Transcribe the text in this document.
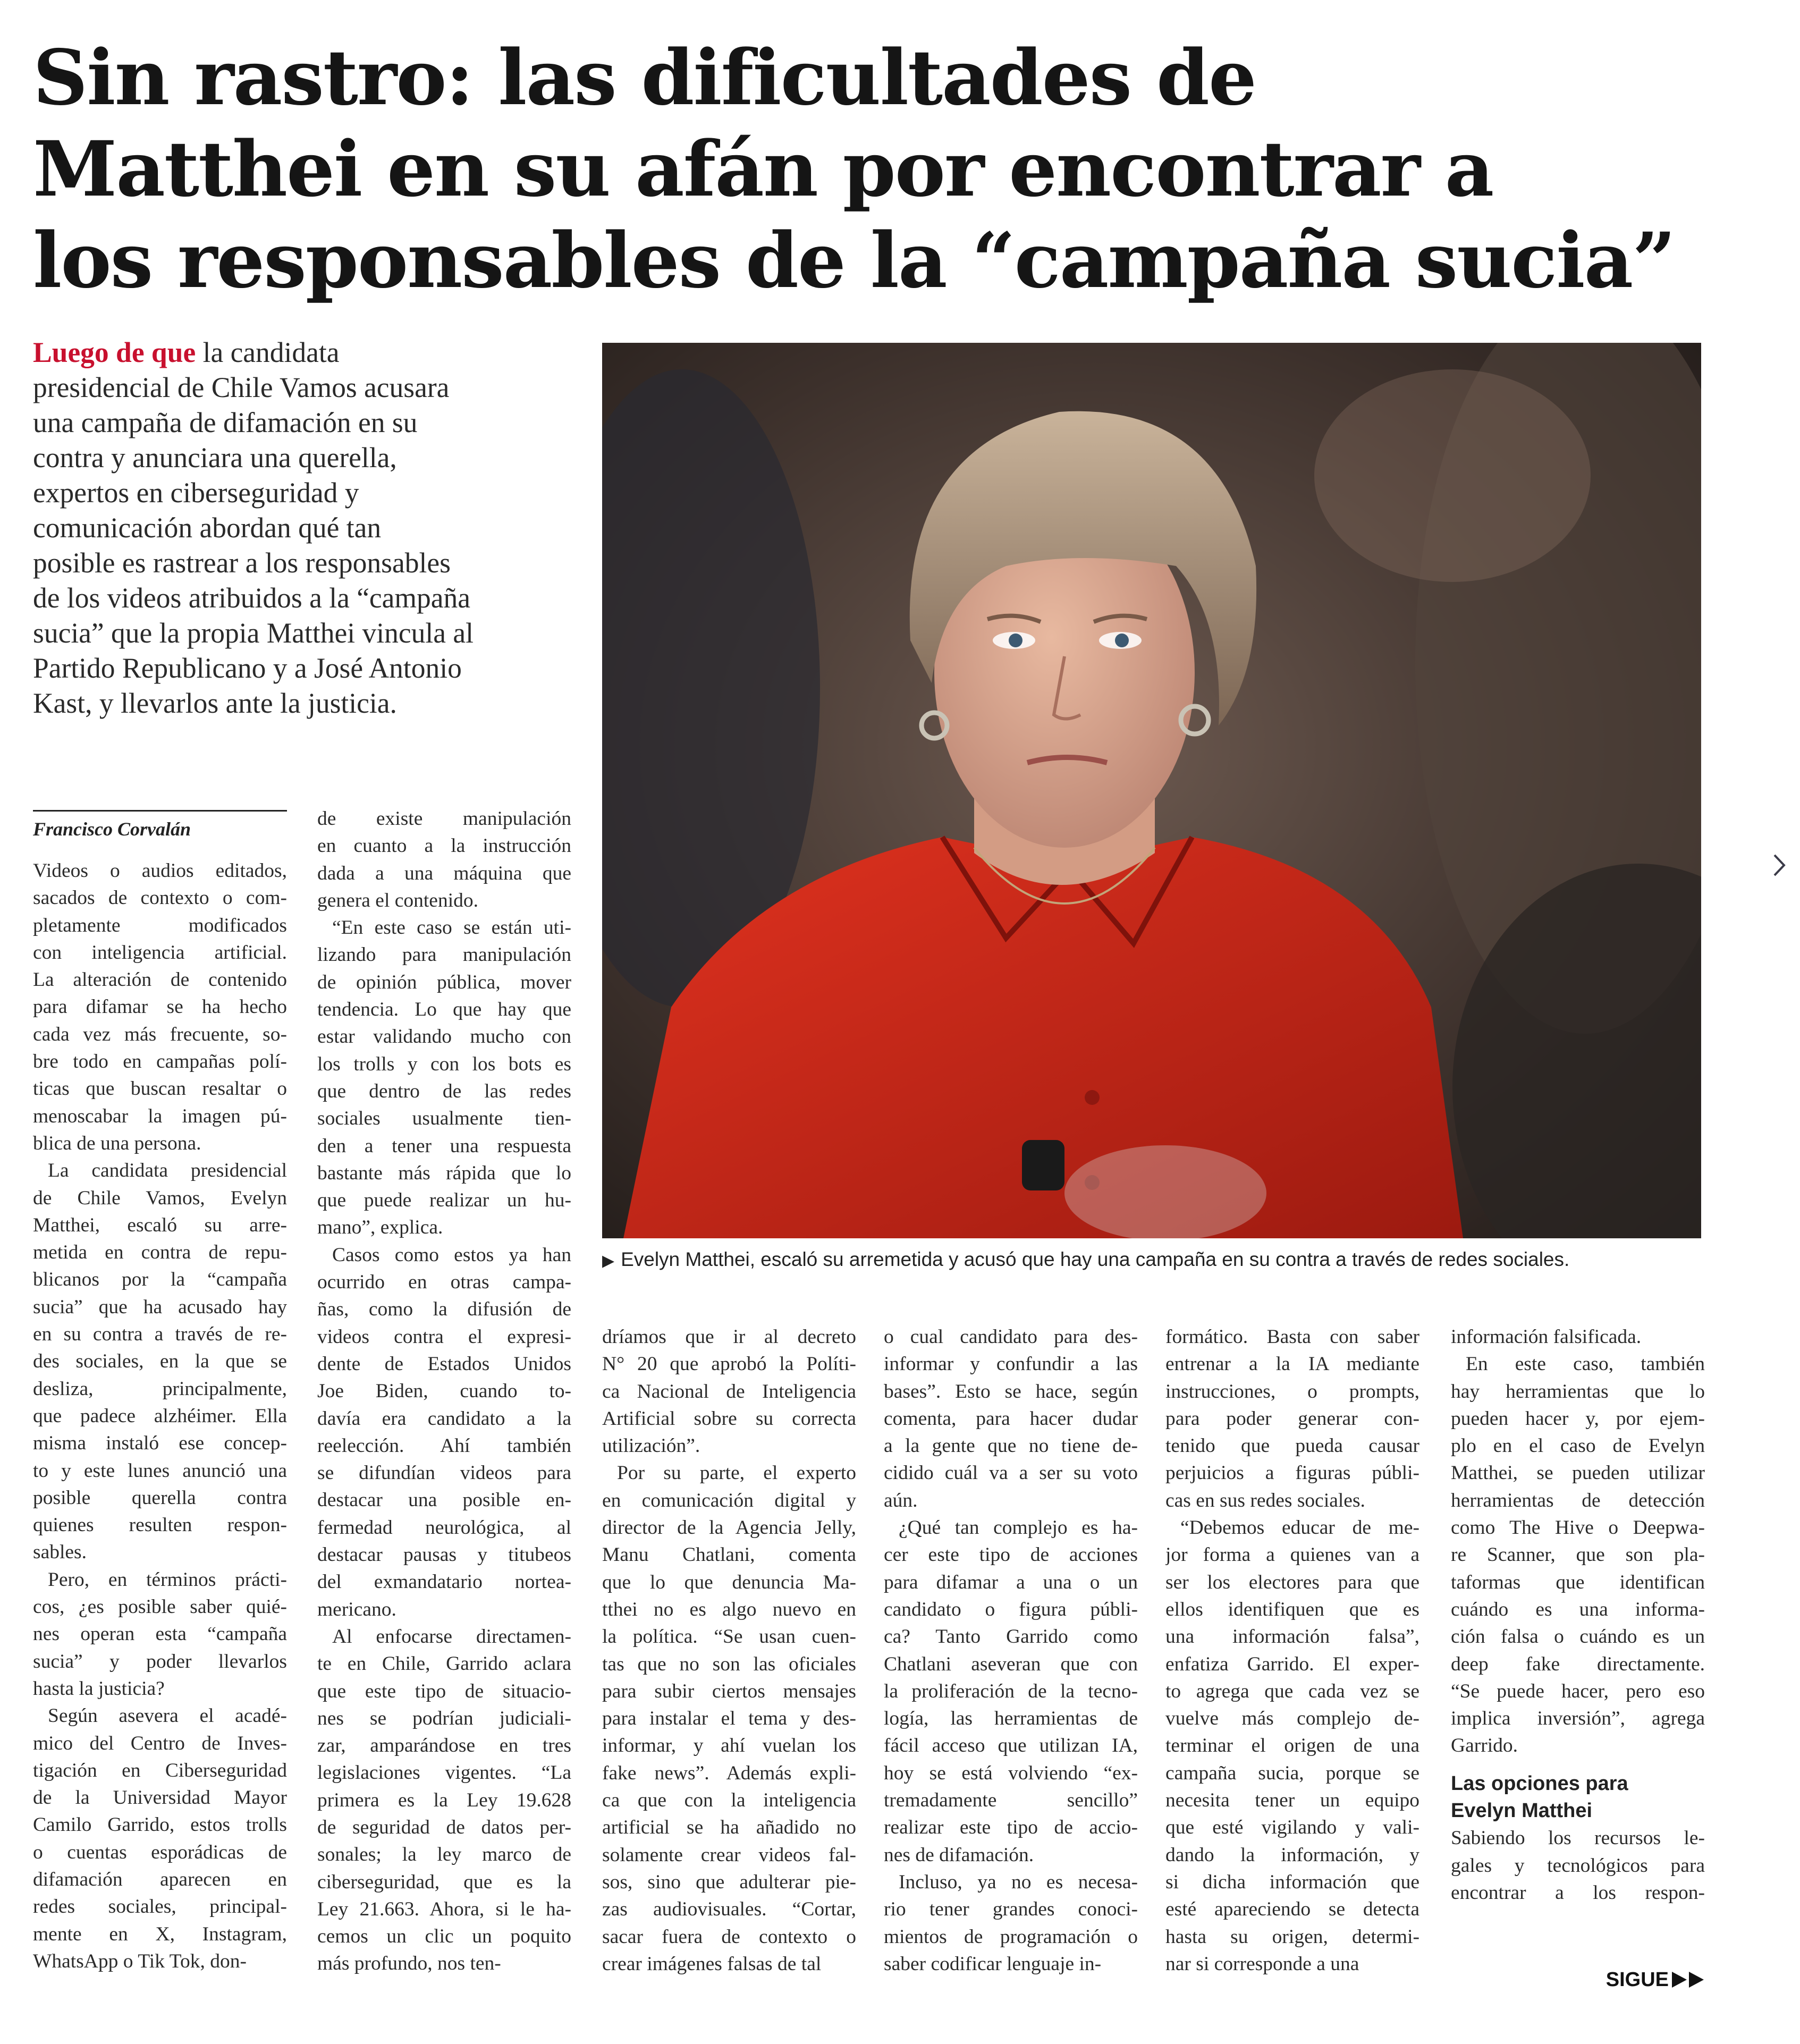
Sin rastro: las dificultades de
Matthei en su afán por encontrar a
los responsables de la “campaña sucia”
Luego de que la candidata
presidencial de Chile Vamos acusara
una campaña de difamación en su
contra y anunciara una querella,
expertos en ciberseguridad y
comunicación abordan qué tan
posible es rastrear a los responsables
de los videos atribuidos a la “campaña
sucia” que la propia Matthei vincula al
Partido Republicano y a José Antonio
Kast, y llevarlos ante la justicia.
▶ Evelyn Matthei, escaló su arremetida y acusó que hay una campaña en su contra a través de redes sociales.
Francisco Corvalán
Videos o audios editados,
sacados de contexto o com-
pletamente modificados
con inteligencia artificial.
La alteración de contenido
para difamar se ha hecho
cada vez más frecuente, so-
bre todo en campañas polí-
ticas que buscan resaltar o
menoscabar la imagen pú-
blica de una persona.
La candidata presidencial
de Chile Vamos, Evelyn
Matthei, escaló su arre-
metida en contra de repu-
blicanos por la “campaña
sucia” que ha acusado hay
en su contra a través de re-
des sociales, en la que se
desliza, principalmente,
que padece alzhéimer. Ella
misma instaló ese concep-
to y este lunes anunció una
posible querella contra
quienes resulten respon-
sables.
Pero, en términos prácti-
cos, ¿es posible saber quié-
nes operan esta “campaña
sucia” y poder llevarlos
hasta la justicia?
Según asevera el acadé-
mico del Centro de Inves-
tigación en Ciberseguridad
de la Universidad Mayor
Camilo Garrido, estos trolls
o cuentas esporádicas de
difamación aparecen en
redes sociales, principal-
mente en X, Instagram,
WhatsApp o Tik Tok, don-
de existe manipulación
en cuanto a la instrucción
dada a una máquina que
genera el contenido.
“En este caso se están uti-
lizando para manipulación
de opinión pública, mover
tendencia. Lo que hay que
estar validando mucho con
los trolls y con los bots es
que dentro de las redes
sociales usualmente tien-
den a tener una respuesta
bastante más rápida que lo
que puede realizar un hu-
mano”, explica.
Casos como estos ya han
ocurrido en otras campa-
ñas, como la difusión de
videos contra el expresi-
dente de Estados Unidos
Joe Biden, cuando to-
davía era candidato a la
reelección. Ahí también
se difundían videos para
destacar una posible en-
fermedad neurológica, al
destacar pausas y titubeos
del exmandatario nortea-
mericano.
Al enfocarse directamen-
te en Chile, Garrido aclara
que este tipo de situacio-
nes se podrían judiciali-
zar, amparándose en tres
legislaciones vigentes. “La
primera es la Ley 19.628
de seguridad de datos per-
sonales; la ley marco de
ciberseguridad, que es la
Ley 21.663. Ahora, si le ha-
cemos un clic un poquito
más profundo, nos ten-
dríamos que ir al decreto
N° 20 que aprobó la Políti-
ca Nacional de Inteligencia
Artificial sobre su correcta
utilización”.
Por su parte, el experto
en comunicación digital y
director de la Agencia Jelly,
Manu Chatlani, comenta
que lo que denuncia Ma-
tthei no es algo nuevo en
la política. “Se usan cuen-
tas que no son las oficiales
para subir ciertos mensajes
para instalar el tema y des-
informar, y ahí vuelan los
fake news”. Además expli-
ca que con la inteligencia
artificial se ha añadido no
solamente crear videos fal-
sos, sino que adulterar pie-
zas audiovisuales. “Cortar,
sacar fuera de contexto o
crear imágenes falsas de tal
o cual candidato para des-
informar y confundir a las
bases”. Esto se hace, según
comenta, para hacer dudar
a la gente que no tiene de-
cidido cuál va a ser su voto
aún.
¿Qué tan complejo es ha-
cer este tipo de acciones
para difamar a una o un
candidato o figura públi-
ca? Tanto Garrido como
Chatlani aseveran que con
la proliferación de la tecno-
logía, las herramientas de
fácil acceso que utilizan IA,
hoy se está volviendo “ex-
tremadamente sencillo”
realizar este tipo de accio-
nes de difamación.
Incluso, ya no es necesa-
rio tener grandes conoci-
mientos de programación o
saber codificar lenguaje in-
formático. Basta con saber
entrenar a la IA mediante
instrucciones, o prompts,
para poder generar con-
tenido que pueda causar
perjuicios a figuras públi-
cas en sus redes sociales.
“Debemos educar de me-
jor forma a quienes van a
ser los electores para que
ellos identifiquen que es
una información falsa”,
enfatiza Garrido. El exper-
to agrega que cada vez se
vuelve más complejo de-
terminar el origen de una
campaña sucia, porque se
necesita tener un equipo
que esté vigilando y vali-
dando la información, y
si dicha información que
esté apareciendo se detecta
hasta su origen, determi-
nar si corresponde a una
información falsificada.
En este caso, también
hay herramientas que lo
pueden hacer y, por ejem-
plo en el caso de Evelyn
Matthei, se pueden utilizar
herramientas de detección
como The Hive o Deepwa-
re Scanner, que son pla-
taformas que identifican
cuándo es una informa-
ción falsa o cuándo es un
deep fake directamente.
“Se puede hacer, pero eso
implica inversión”, agrega
Garrido.
Las opciones para
Evelyn Matthei
Sabiendo los recursos le-
gales y tecnológicos para
encontrar a los respon-
SIGUE
